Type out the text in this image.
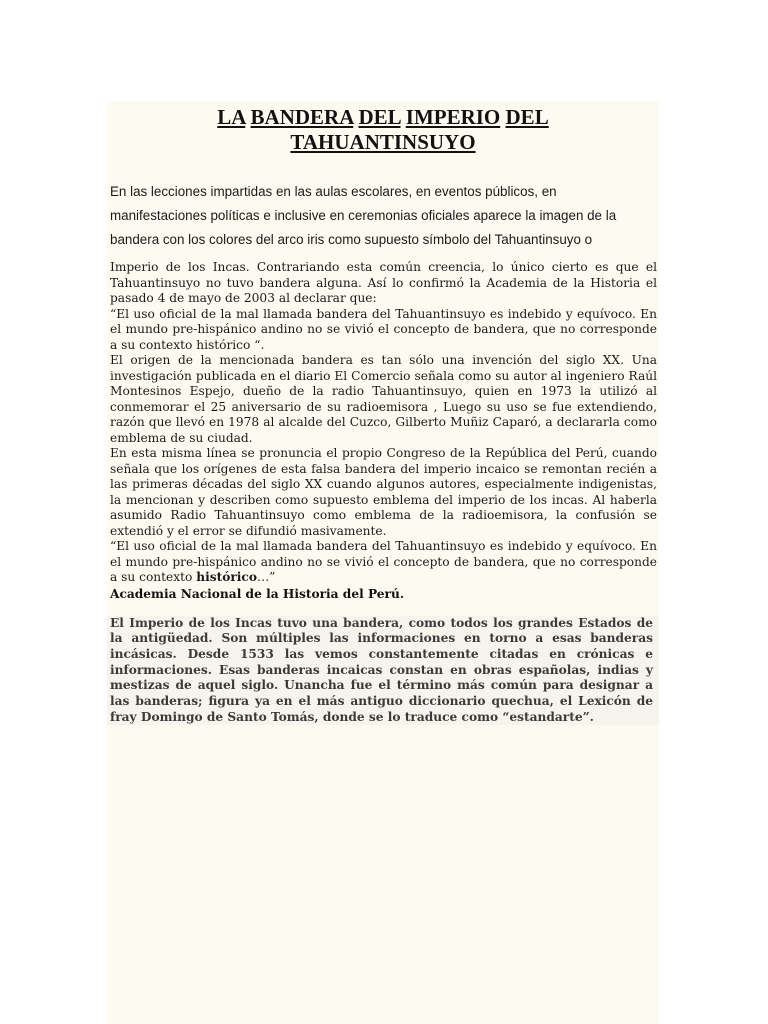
LA BANDERA DEL IMPERIO DEL
TAHUANTINSUYO
En las lecciones impartidas en las aulas escolares, en eventos públicos, en manifestaciones políticas e inclusive en ceremonias oficiales aparece la imagen de la bandera con los colores del arco iris como supuesto símbolo del Tahuantinsuyo o

Imperio de los Incas. Contrariando esta común creencia, lo único cierto es que el Tahuantinsuyo no tuvo bandera alguna. Así lo confirmó la Academia de la Historia el pasado 4 de mayo de 2003 al declarar que:

“El uso oficial de la mal llamada bandera del Tahuantinsuyo es indebido y equívoco. En el mundo pre-hispánico andino no se vivió el concepto de bandera, que no corresponde a su contexto histórico “.

El origen de la mencionada bandera es tan sólo una invención del siglo XX. Una investigación publicada en el diario El Comercio señala como su autor al ingeniero Raúl Montesinos Espejo, dueño de la radio Tahuantinsuyo, quien en 1973 la utilizó al conmemorar el 25 aniversario de su radioemisora , Luego su uso se fue extendiendo, razón que llevó en 1978 al alcalde del Cuzco, Gilberto Muñiz Caparó, a declararla como emblema de su ciudad.

En esta misma línea se pronuncia el propio Congreso de la República del Perú, cuando señala que los orígenes de esta falsa bandera del imperio incaico se remontan recién a las primeras décadas del siglo XX cuando algunos autores, especialmente indigenistas, la mencionan y describen como supuesto emblema del imperio de los incas. Al haberla asumido Radio Tahuantinsuyo como emblema de la radioemisora, la confusión se extendió y el error se difundió masivamente.

“El uso oficial de la mal llamada bandera del Tahuantinsuyo es indebido y equívoco. En el mundo pre-hispánico andino no se vivió el concepto de bandera, que no corresponde a su contexto histórico…”

Academia Nacional de la Historia del Perú.
El Imperio de los Incas tuvo una bandera, como todos los grandes Estados de la antigüedad. Son múltiples las informaciones en torno a esas banderas incásicas. Desde 1533 las vemos constantemente citadas en crónicas e informaciones. Esas banderas incaicas constan en obras españolas, indias y mestizas de aquel siglo. Unancha fue el término más común para designar a las banderas; figura ya en el más antiguo diccionario quechua, el Lexicón de fray Domingo de Santo Tomás, donde se lo traduce como “estandarte”.
